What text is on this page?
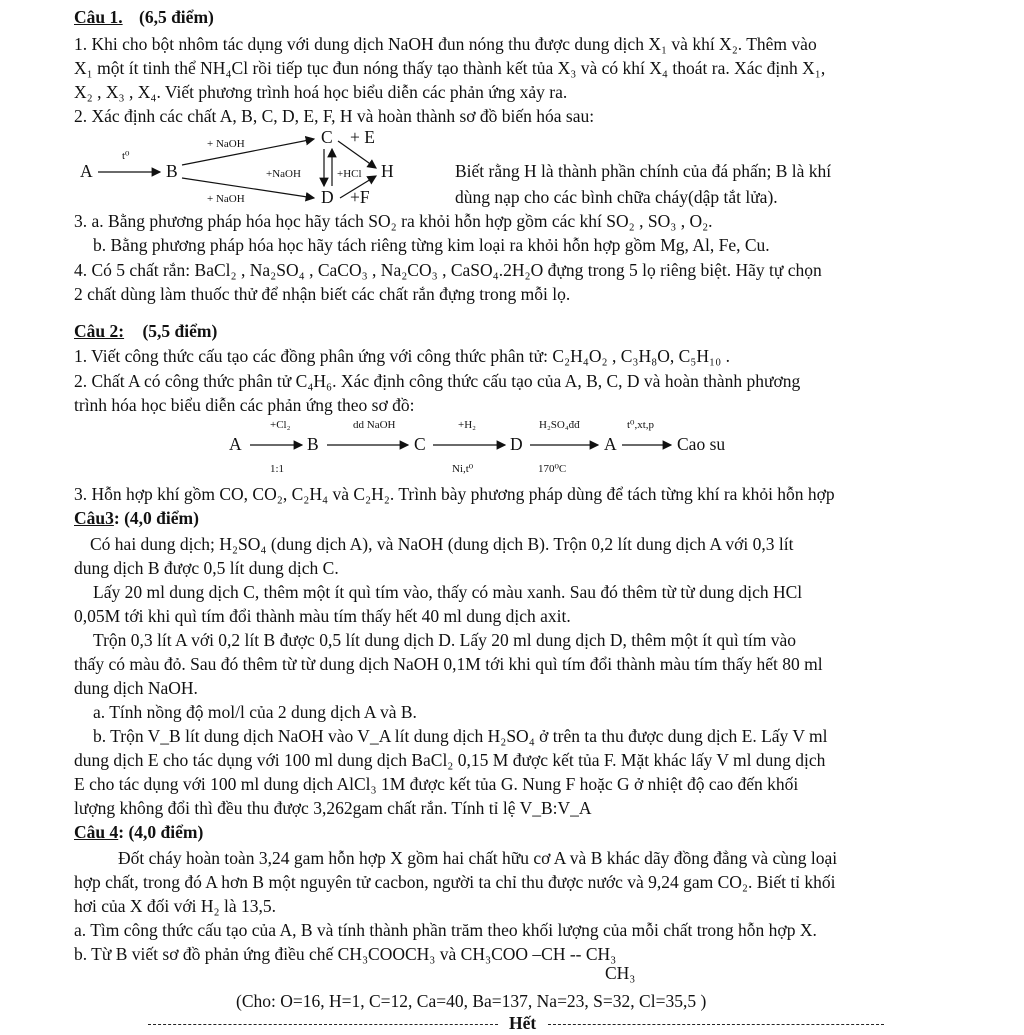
Câu 1. (6,5 điểm)
1. Khi cho bột nhôm tác dụng với dung dịch NaOH đun nóng thu được dung dịch X₁ và khí X₂. Thêm vào
X₁ một ít tinh thể NH₄Cl rồi tiếp tục đun nóng thấy tạo thành kết tủa X₃ và có khí X₄ thoát ra. Xác định X₁,
X₂ , X₃ , X₄. Viết phương trình hoá học biểu diễn các phản ứng xảy ra.
2. Xác định các chất A, B, C, D, E, F, H và hoàn thành sơ đồ biến hóa sau:
A	B
C
D
H
+ E
+F
t⁰
+ NaOH
+NaOH	+HCl
+ NaOH
Biết rằng H là thành phần chính của đá phấn; B là khí
dùng nạp cho các bình chữa cháy(dập tắt lửa).
3. a. Bằng phương pháp hóa học hãy tách SO₂ ra khỏi hỗn hợp gồm các khí SO₂ , SO₃ , O₂.
b. Bằng phương pháp hóa học hãy tách riêng từng kim loại ra khỏi hỗn hợp gồm Mg, Al, Fe, Cu.
4. Có 5 chất rắn: BaCl₂ , Na₂SO₄ , CaCO₃ , Na₂CO₃ , CaSO₄.2H₂O đựng trong 5 lọ riêng biệt. Hãy tự chọn
2 chất dùng làm thuốc thử để nhận biết các chất rắn đựng trong mỗi lọ.
Câu 2: (5,5 điểm)
1. Viết công thức cấu tạo các đồng phân ứng với công thức phân tử: C₂H₄O₂ , C₃H₈O, C₅H₁₀ .
2. Chất A có công thức phân tử C₄H₆. Xác định công thức cấu tạo của A, B, C, D và hoàn thành phương
trình hóa học biểu diễn các phản ứng theo sơ đồ:
A	B	C	D	A	Cao su
+Cl₂
1:1
dd NaOH	+H₂
Ni,t⁰
H₂SO₄đđ
170⁰C
t⁰,xt,p
3. Hỗn hợp khí gồm CO, CO₂, C₂H₄ và C₂H₂. Trình bày phương pháp dùng để tách từng khí ra khỏi hỗn hợp
Câu3: (4,0 điểm)
Có hai dung dịch; H₂SO₄ (dung dịch A), và NaOH (dung dịch B). Trộn 0,2 lít dung dịch A với 0,3 lít
dung dịch B được 0,5 lít dung dịch C.
Lấy 20 ml dung dịch C, thêm một ít quì tím vào, thấy có màu xanh. Sau đó thêm từ từ dung dịch HCl
0,05M tới khi quì tím đổi thành màu tím thấy hết 40 ml dung dịch axit.
Trộn 0,3 lít A với 0,2 lít B được 0,5 lít dung dịch D. Lấy 20 ml dung dịch D, thêm một ít quì tím vào
thấy có màu đỏ. Sau đó thêm từ từ dung dịch NaOH 0,1M tới khi quì tím đổi thành màu tím thấy hết 80 ml
dung dịch NaOH.
a. Tính nồng độ mol/l của 2 dung dịch A và B.
b. Trộn V_B lít dung dịch NaOH vào V_A lít dung dịch H₂SO₄ ở trên ta thu được dung dịch E. Lấy V ml
dung dịch E cho tác dụng với 100 ml dung dịch BaCl₂ 0,15 M được kết tủa F. Mặt khác lấy V ml dung dịch
E cho tác dụng với 100 ml dung dịch AlCl₃ 1M được kết tủa G. Nung F hoặc G ở nhiệt độ cao đến khối
lượng không đổi thì đều thu được 3,262gam chất rắn. Tính tỉ lệ V_B:V_A
Câu 4: (4,0 điểm)
Đốt cháy hoàn toàn 3,24 gam hỗn hợp X gồm hai chất hữu cơ A và B khác dãy đồng đẳng và cùng loại
hợp chất, trong đó A hơn B một nguyên tử cacbon, người ta chỉ thu được nước và 9,24 gam CO₂. Biết tỉ khối
hơi của X đối với H₂ là 13,5.
a. Tìm công thức cấu tạo của A, B và tính thành phần trăm theo khối lượng của mỗi chất trong hỗn hợp X.
b. Từ B viết sơ đồ phản ứng điều chế CH₃COOCH₃ và CH₃COO –CH -- CH₃
CH₃
(Cho: O=16, H=1, C=12, Ca=40, Ba=137, Na=23, S=32, Cl=35,5 )
Hết
